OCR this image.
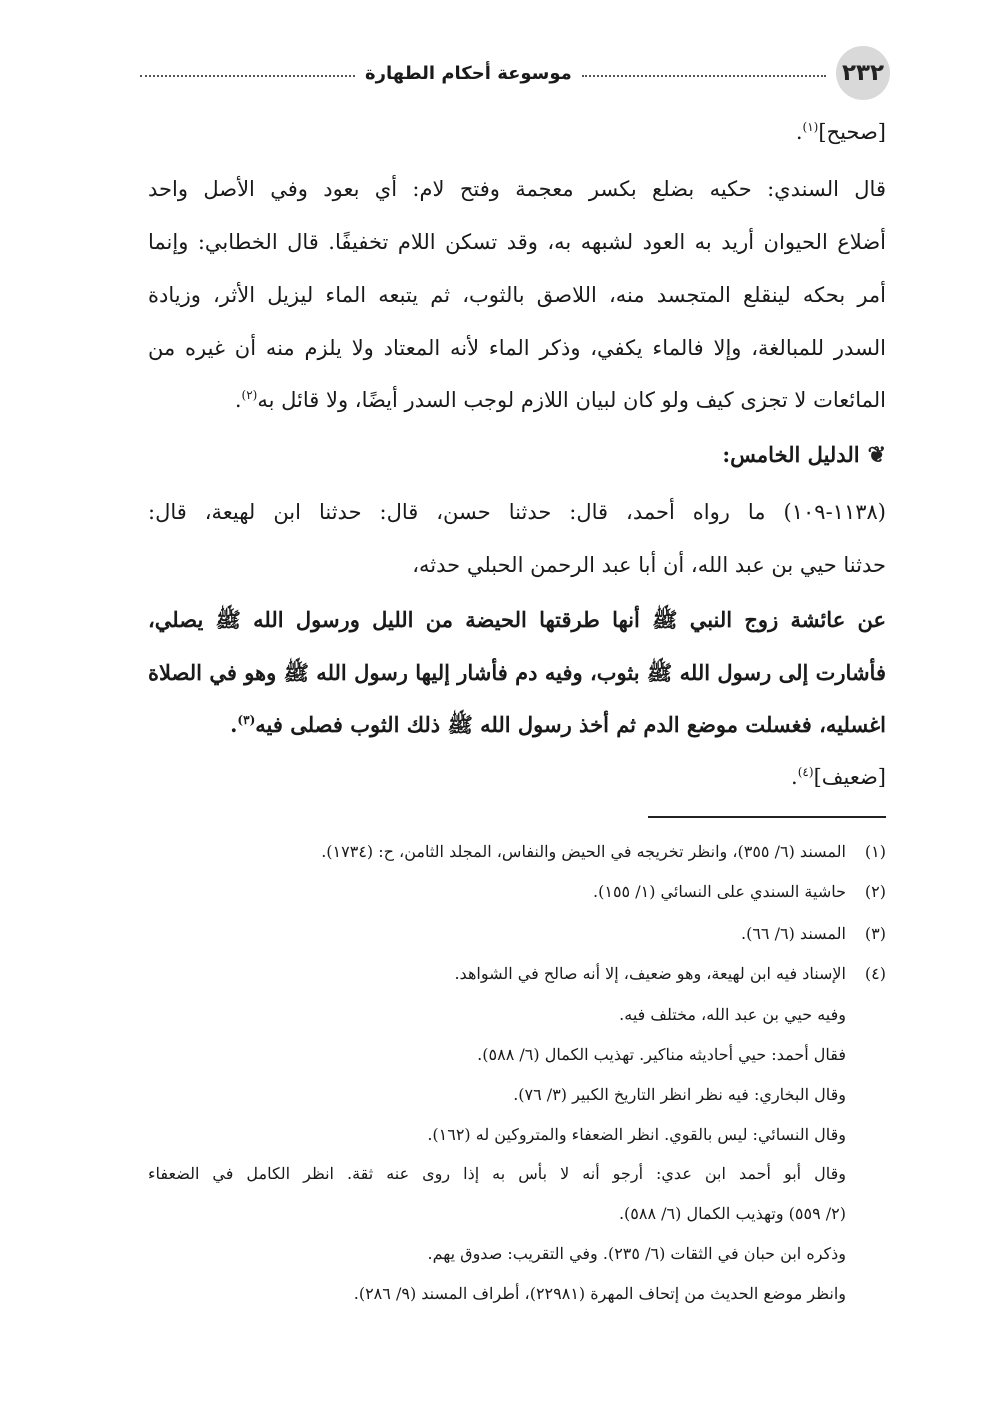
٢٣٢
موسوعة أحكام الطهارة
[صحيح]$^{(١)}$.
قال السندي: حكيه بضلع بكسر معجمة وفتح لام: أي بعود وفي الأصل واحد
أضلاع الحيوان أريد به العود لشبهه به، وقد تسكن اللام تخفيفًا. قال الخطابي: وإنما
أمر بحكه لينقلع المتجسد منه، اللاصق بالثوب، ثم يتبعه الماء ليزيل الأثر، وزيادة
السدر للمبالغة، وإلا فالماء يكفي، وذكر الماء لأنه المعتاد ولا يلزم منه أن غيره من
المائعات لا تجزى كيف ولو كان لبيان اللازم لوجب السدر أيضًا، ولا قائل به$^{(٢)}$.
❦
الدليل الخامس:
(١١٣٨-١٠٩) ما رواه أحمد، قال: حدثنا حسن، قال: حدثنا ابن لهيعة، قال:
حدثنا حيي بن عبد الله، أن أبا عبد الرحمن الحبلي حدثه،
عن عائشة زوج النبي ﷺ أنها طرقتها الحيضة من الليل ورسول الله ﷺ يصلي،
فأشارت إلى رسول الله ﷺ بثوب، وفيه دم فأشار إليها رسول الله ﷺ وهو في الصلاة
اغسليه، فغسلت موضع الدم ثم أخذ رسول الله ﷺ ذلك الثوب فصلى فيه$^{(٣)}$.
[ضعيف]$^{(٤)}$.
(١)المسند (٦/ ٣٥٥)، وانظر تخريجه في الحيض والنفاس، المجلد الثامن، ح: (١٧٣٤).
(٢)حاشية السندي على النسائي (١/ ١٥٥).
(٣)المسند (٦/ ٦٦).
(٤)الإسناد فيه ابن لهيعة، وهو ضعيف، إلا أنه صالح في الشواهد.
وفيه حيي بن عبد الله، مختلف فيه.
فقال أحمد: حيي أحاديثه مناكير. تهذيب الكمال (٦/ ٥٨٨).
وقال البخاري: فيه نظر انظر التاريخ الكبير (٣/ ٧٦).
وقال النسائي: ليس بالقوي. انظر الضعفاء والمتروكين له (١٦٢).
وقال أبو أحمد ابن عدي: أرجو أنه لا بأس به إذا روى عنه ثقة. انظر الكامل في الضعفاء
(٢/ ٥٥٩) وتهذيب الكمال (٦/ ٥٨٨).
وذكره ابن حبان في الثقات (٦/ ٢٣٥). وفي التقريب: صدوق يهم.
وانظر موضع الحديث من إتحاف المهرة (٢٢٩٨١)، أطراف المسند (٩/ ٢٨٦).
